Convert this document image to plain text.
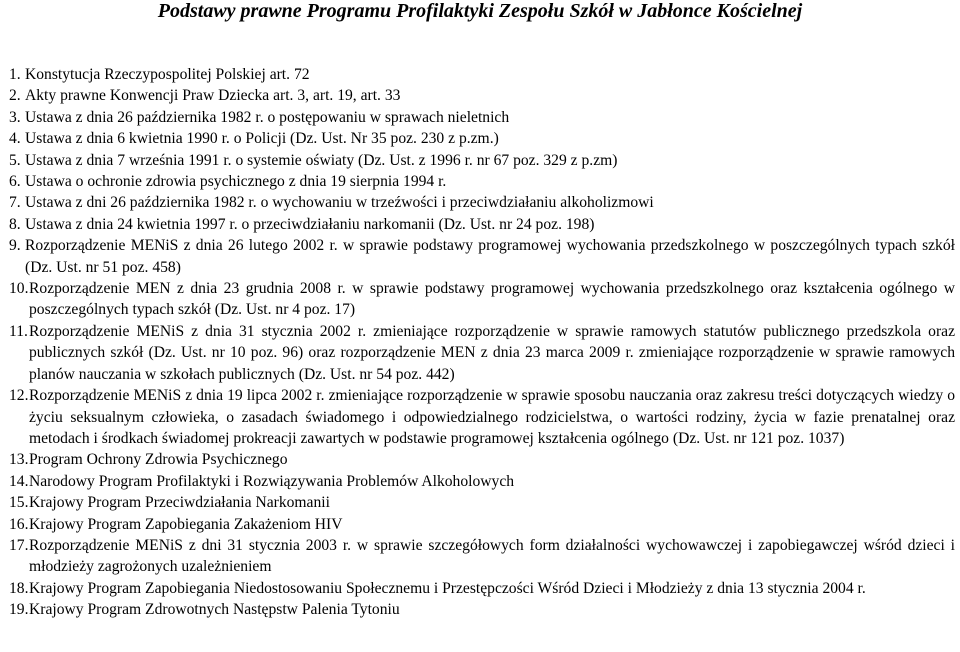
Podstawy prawne Programu Profilaktyki Zespołu Szkół w Jabłonce Kościelnej
1. Konstytucja Rzeczypospolitej Polskiej art. 72
2. Akty prawne Konwencji Praw Dziecka art. 3, art. 19, art. 33
3. Ustawa z dnia 26 października 1982 r. o postępowaniu w sprawach nieletnich
4. Ustawa z dnia 6 kwietnia 1990 r. o Policji (Dz. Ust. Nr 35 poz. 230 z p.zm.)
5. Ustawa z dnia 7 września 1991 r. o systemie oświaty (Dz. Ust. z 1996 r. nr 67 poz. 329 z p.zm)
6. Ustawa o ochronie zdrowia psychicznego z dnia 19 sierpnia 1994 r.
7. Ustawa z dni 26 października 1982 r. o wychowaniu w trzeźwości i przeciwdziałaniu alkoholizmowi
8. Ustawa z dnia 24 kwietnia 1997 r. o przeciwdziałaniu narkomanii (Dz. Ust. nr 24 poz. 198)
9. Rozporządzenie MENiS z dnia 26 lutego 2002 r. w sprawie podstawy programowej wychowania przedszkolnego w poszczególnych typach szkół (Dz. Ust. nr 51 poz. 458)
10. Rozporządzenie MEN z dnia 23 grudnia 2008 r. w sprawie podstawy programowej wychowania przedszkolnego oraz kształcenia ogólnego w poszczególnych typach szkół (Dz. Ust. nr 4 poz. 17)
11. Rozporządzenie MENiS z dnia 31 stycznia 2002 r. zmieniające rozporządzenie w sprawie ramowych statutów publicznego przedszkola oraz publicznych szkół (Dz. Ust. nr 10 poz. 96) oraz rozporządzenie MEN z dnia 23 marca 2009 r. zmieniające rozporządzenie w sprawie ramowych planów nauczania w szkołach publicznych (Dz. Ust. nr 54 poz. 442)
12. Rozporządzenie MENiS z dnia 19 lipca 2002 r. zmieniające rozporządzenie w sprawie sposobu nauczania oraz zakresu treści dotyczących wiedzy o życiu seksualnym człowieka, o zasadach świadomego i odpowiedzialnego rodzicielstwa, o wartości rodziny, życia w fazie prenatalnej oraz metodach i środkach świadomej prokreacji zawartych w podstawie programowej kształcenia ogólnego (Dz. Ust. nr 121 poz. 1037)
13. Program Ochrony Zdrowia Psychicznego
14. Narodowy Program Profilaktyki i Rozwiązywania Problemów Alkoholowych
15. Krajowy Program Przeciwdziałania Narkomanii
16. Krajowy Program Zapobiegania Zakażeniom HIV
17. Rozporządzenie MENiS z dni 31 stycznia 2003 r. w sprawie szczegółowych form działalności wychowawczej i zapobiegawczej wśród dzieci i młodzieży zagrożonych uzależnieniem
18. Krajowy Program Zapobiegania Niedostosowaniu Społecznemu i Przestępczości Wśród Dzieci i Młodzieży z dnia 13 stycznia 2004 r.
19. Krajowy Program Zdrowotnych Następstw Palenia Tytoniu
